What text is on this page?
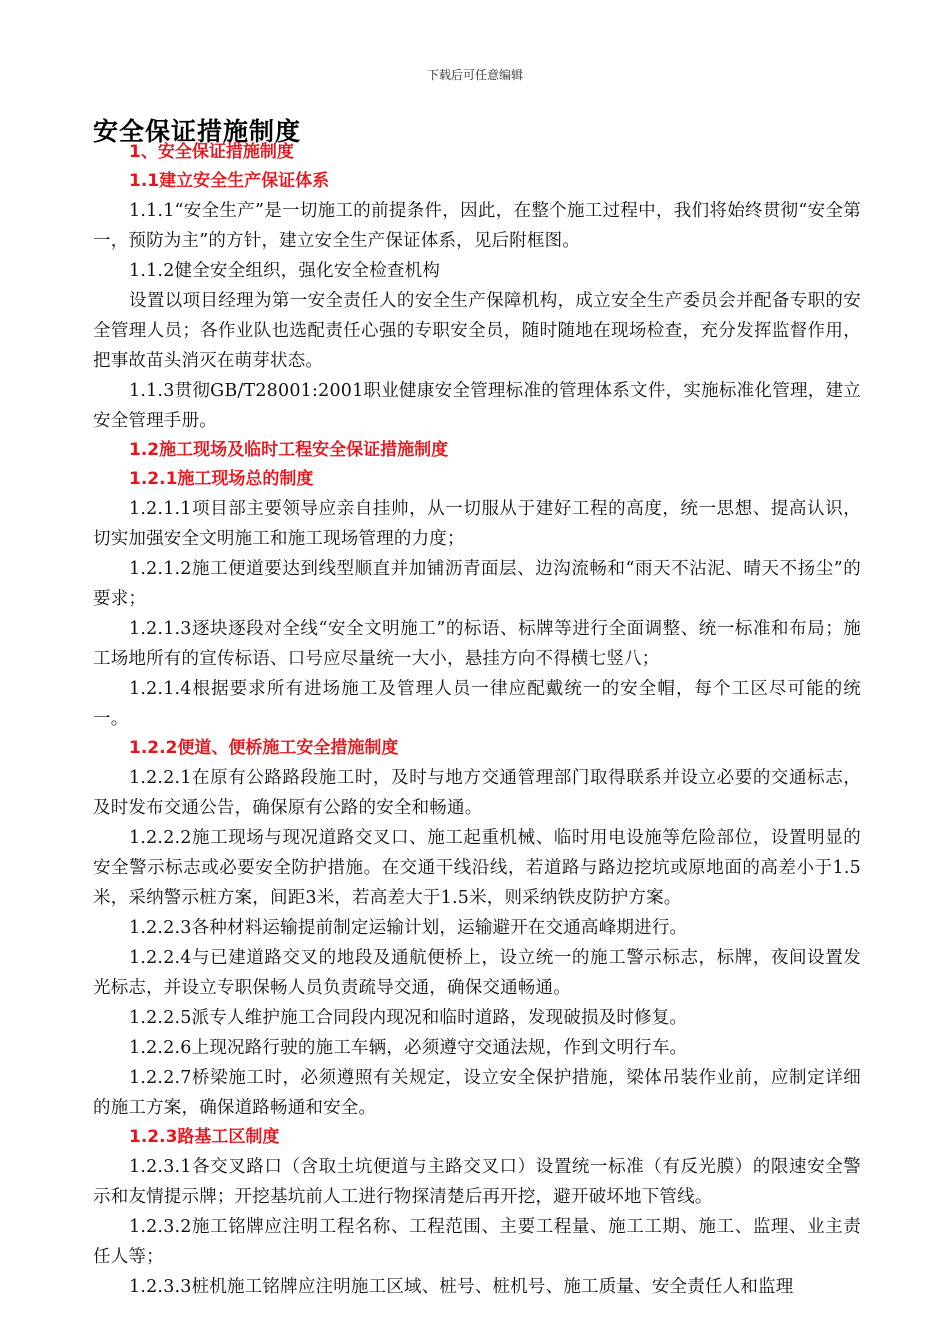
下载后可任意编辑
安全保证措施制度
1、安全保证措施制度
1.1建立安全生产保证体系
1.1.1“安全生产”是一切施工的前提条件，因此，在整个施工过程中，我们将始终贯彻“安全第一，预防为主”的方针，建立安全生产保证体系，见后附框图。
1.1.2健全安全组织，强化安全检查机构
设置以项目经理为第一安全责任人的安全生产保障机构，成立安全生产委员会并配备专职的安全管理人员；各作业队也选配责任心强的专职安全员，随时随地在现场检查，充分发挥监督作用，把事故苗头消灭在萌芽状态。
1.1.3贯彻GB/T28001:2001职业健康安全管理标准的管理体系文件，实施标准化管理，建立安全管理手册。
1.2施工现场及临时工程安全保证措施制度
1.2.1施工现场总的制度
1.2.1.1项目部主要领导应亲自挂帅，从一切服从于建好工程的高度，统一思想、提高认识，切实加强安全文明施工和施工现场管理的力度；
1.2.1.2施工便道要达到线型顺直并加铺沥青面层、边沟流畅和“雨天不沾泥、晴天不扬尘”的要求；
1.2.1.3逐块逐段对全线“安全文明施工”的标语、标牌等进行全面调整、统一标准和布局；施工场地所有的宣传标语、口号应尽量统一大小，悬挂方向不得横七竖八；
1.2.1.4根据要求所有进场施工及管理人员一律应配戴统一的安全帽，每个工区尽可能的统一。
1.2.2便道、便桥施工安全措施制度
1.2.2.1在原有公路路段施工时，及时与地方交通管理部门取得联系并设立必要的交通标志，及时发布交通公告，确保原有公路的安全和畅通。
1.2.2.2施工现场与现况道路交叉口、施工起重机械、临时用电设施等危险部位，设置明显的安全警示标志或必要安全防护措施。在交通干线沿线，若道路与路边挖坑或原地面的高差小于1.5米，采纳警示桩方案，间距3米，若高差大于1.5米，则采纳铁皮防护方案。
1.2.2.3各种材料运输提前制定运输计划，运输避开在交通高峰期进行。
1.2.2.4与已建道路交叉的地段及通航便桥上，设立统一的施工警示标志，标牌，夜间设置发光标志，并设立专职保畅人员负责疏导交通，确保交通畅通。
1.2.2.5派专人维护施工合同段内现况和临时道路，发现破损及时修复。
1.2.2.6上现况路行驶的施工车辆，必须遵守交通法规，作到文明行车。
1.2.2.7桥梁施工时，必须遵照有关规定，设立安全保护措施，梁体吊装作业前，应制定详细的施工方案，确保道路畅通和安全。
1.2.3路基工区制度
1.2.3.1各交叉路口（含取土坑便道与主路交叉口）设置统一标准（有反光膜）的限速安全警示和友情提示牌；开挖基坑前人工进行物探清楚后再开挖，避开破坏地下管线。
1.2.3.2施工铭牌应注明工程名称、工程范围、主要工程量、施工工期、施工、监理、业主责任人等；
1.2.3.3桩机施工铭牌应注明施工区域、桩号、桩机号、施工质量、安全责任人和监理
